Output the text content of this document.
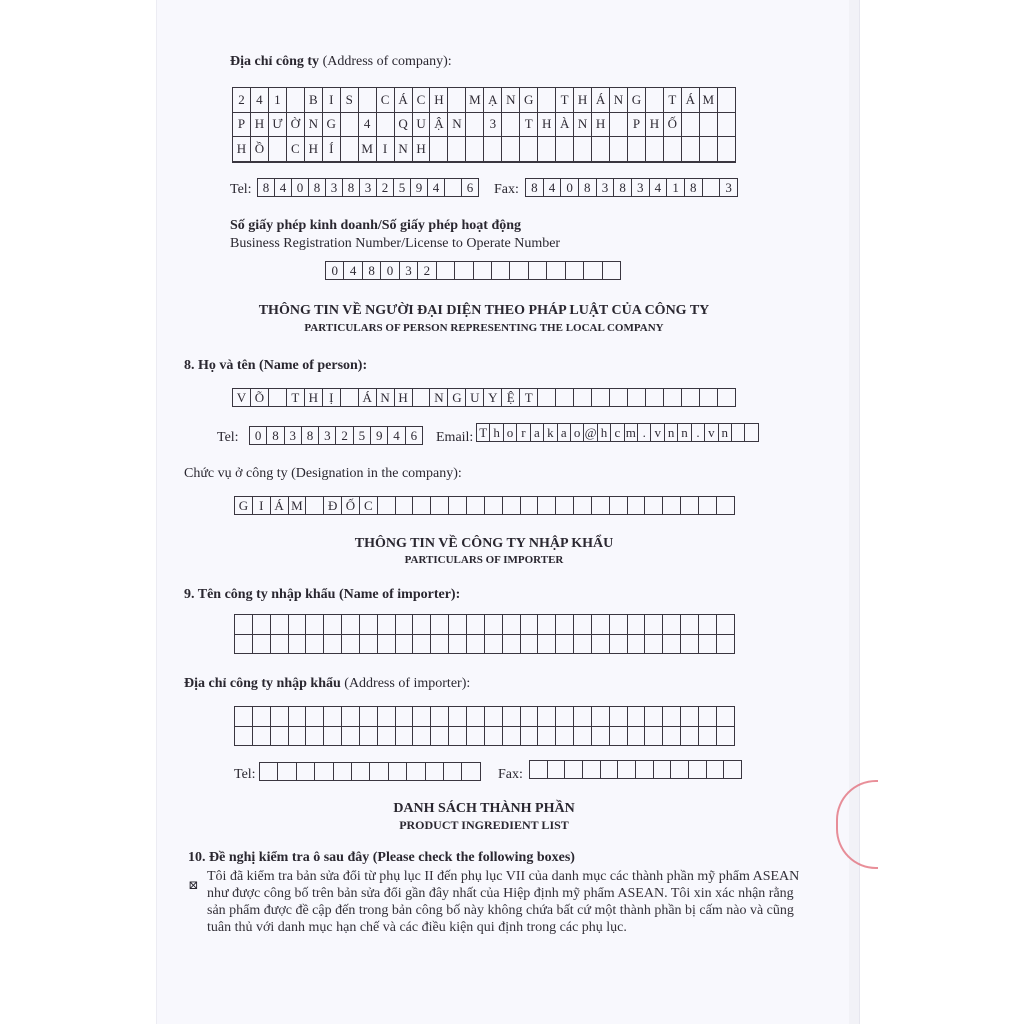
Địa chỉ công ty (Address of company):
2	4	1		B	I	S		C	Á	C	H		M	Ạ	N	G		T	H	Á	N	G		T	Á	M	
P	H	Ư	Ờ	N	G		4		Q	U	Ậ	N		3		T	H	À	N	H		P	H	Ố			
H	Ồ		C	H	Í		M	I	N	H																	

Tel: 8	4	0	8	3	8	3	2	5	9	4		6 Fax: 8	4	0	8	3	8	3	4	1	8		3
Số giấy phép kinh doanh/Số giấy phép hoạt động
Business Registration Number/License to Operate Number
0	4	8	0	3	2										
THÔNG TIN VỀ NGƯỜI ĐẠI DIỆN THEO PHÁP LUẬT CỦA CÔNG TY
PARTICULARS OF PERSON REPRESENTING THE LOCAL COMPANY
8. Họ và tên (Name of person):
V	Õ		T	H	Ị		Á	N	H		N	G	U	Y	Ệ	T											
Tel: 0	8	3	8	3	2	5	9	4	6 Email: T	h	o	r	a	k	a	o	@	h	c	m	.	v	n	n	.	v	n		
Chức vụ ở công ty (Designation in the company):
G	I	Á	M		Đ	Ố	C																				
THÔNG TIN VỀ CÔNG TY NHẬP KHẨU
PARTICULARS OF IMPORTER
9. Tên công ty nhập khẩu (Name of importer):

Địa chỉ công ty nhập khẩu (Address of importer):

Tel:
												Fax:

DANH SÁCH THÀNH PHẦN
PRODUCT INGREDIENT LIST
10. Đề nghị kiểm tra ô sau đây (Please check the following boxes)
⊠
Tôi đã kiểm tra bản sửa đổi từ phụ lục II đến phụ lục VII của danh mục các thành phần mỹ phẩm ASEAN như được công bố trên bản sửa đổi gần đây nhất của Hiệp định mỹ phẩm ASEAN. Tôi xin xác nhận rằng sản phẩm được đề cập đến trong bản công bố này không chứa bất cứ một thành phần bị cấm nào và cũng tuân thủ với danh mục hạn chế và các điều kiện qui định trong các phụ lục.
